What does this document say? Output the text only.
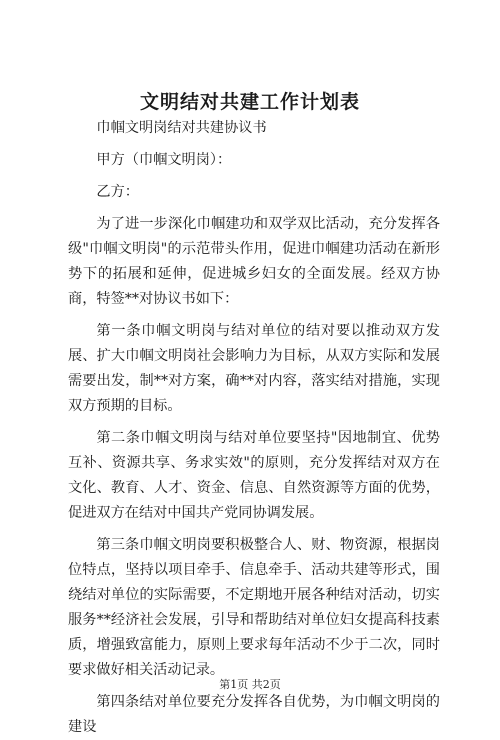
文明结对共建工作计划表

巾帼文明岗结对共建协议书

甲方（巾帼文明岗）：

乙方：

为了进一步深化巾帼建功和双学双比活动，充分发挥各级"巾帼文明岗"的示范带头作用，促进巾帼建功活动在新形势下的拓展和延伸，促进城乡妇女的全面发展。经双方协商，特签**对协议书如下：

第一条巾帼文明岗与结对单位的结对要以推动双方发展、扩大巾帼文明岗社会影响力为目标，从双方实际和发展需要出发，制**对方案，确**对内容，落实结对措施，实现双方预期的目标。

第二条巾帼文明岗与结对单位要坚持"因地制宜、优势互补、资源共享、务求实效"的原则，充分发挥结对双方在文化、教育、人才、资金、信息、自然资源等方面的优势，促进双方在结对中国共产党同协调发展。

第三条巾帼文明岗要积极整合人、财、物资源，根据岗位特点，坚持以项目牵手、信息牵手、活动共建等形式，围绕结对单位的实际需要，不定期地开展各种结对活动，切实服务**经济社会发展，引导和帮助结对单位妇女提高科技素质，增强致富能力，原则上要求每年活动不少于二次，同时要求做好相关活动记录。

第四条结对单位要充分发挥各自优势，为巾帼文明岗的建设

第1页 共2页
